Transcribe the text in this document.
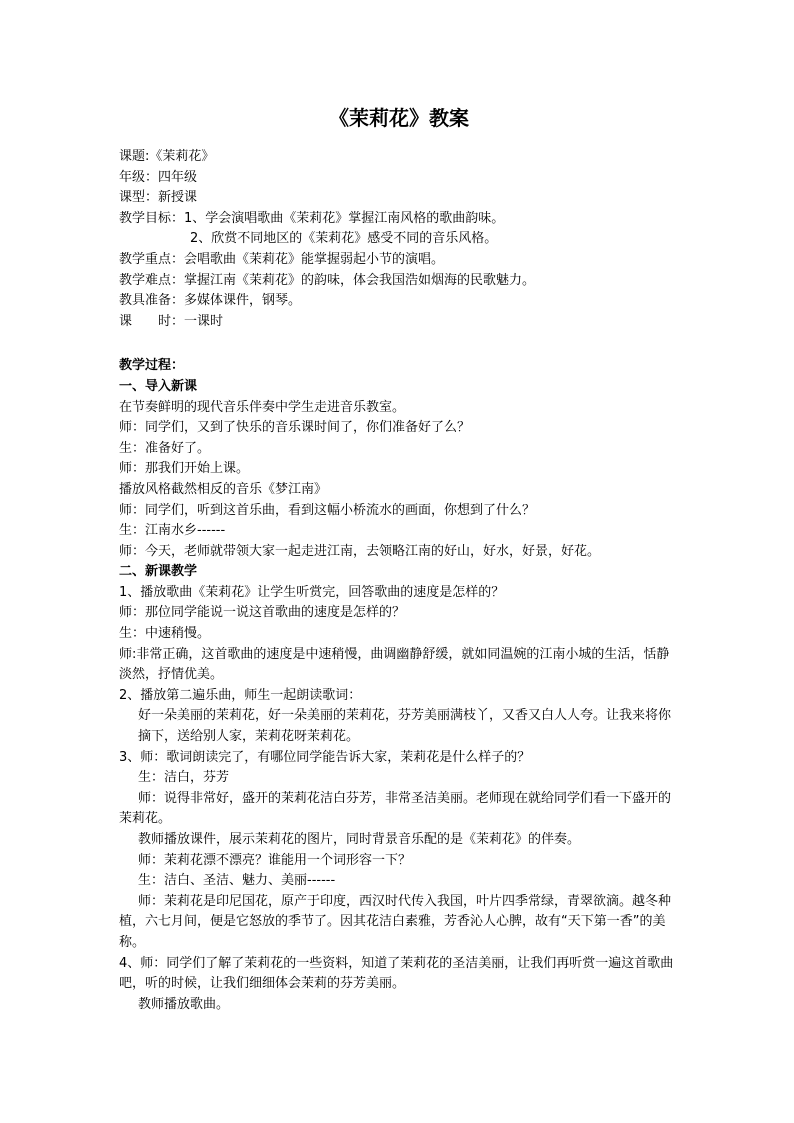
《茉莉花》教案
课题:《茉莉花》
年级：四年级
课型：新授课
教学目标：1、学会演唱歌曲《茉莉花》掌握江南风格的歌曲韵味。
2、欣赏不同地区的《茉莉花》感受不同的音乐风格。
教学重点：会唱歌曲《茉莉花》能掌握弱起小节的演唱。
教学难点：掌握江南《茉莉花》的韵味，体会我国浩如烟海的民歌魅力。
教具准备：多媒体课件，钢琴。
课　　时：一课时
教学过程：
一、导入新课
在节奏鲜明的现代音乐伴奏中学生走进音乐教室。
师：同学们，又到了快乐的音乐课时间了，你们准备好了么？
生：准备好了。
师：那我们开始上课。
播放风格截然相反的音乐《梦江南》
师：同学们，听到这首乐曲，看到这幅小桥流水的画面，你想到了什么？
生：江南水乡------
师：今天，老师就带领大家一起走进江南，去领略江南的好山，好水，好景，好花。
二、新课教学
1、播放歌曲《茉莉花》让学生听赏完，回答歌曲的速度是怎样的？
师：那位同学能说一说这首歌曲的速度是怎样的？
生：中速稍慢。
师:非常正确，这首歌曲的速度是中速稍慢，曲调幽静舒缓，就如同温婉的江南小城的生活，恬静淡然，抒情优美。
2、播放第二遍乐曲，师生一起朗读歌词：
好一朵美丽的茉莉花，好一朵美丽的茉莉花，芬芳美丽满枝丫，又香又白人人夸。让我来将你摘下，送给别人家，茉莉花呀茉莉花。
3、师：歌词朗读完了，有哪位同学能告诉大家，茉莉花是什么样子的？
生：洁白，芬芳
师：说得非常好，盛开的茉莉花洁白芬芳，非常圣洁美丽。老师现在就给同学们看一下盛开的茉莉花。
教师播放课件，展示茉莉花的图片，同时背景音乐配的是《茉莉花》的伴奏。
师：茉莉花漂不漂亮？谁能用一个词形容一下？
生：洁白、圣洁、魅力、美丽------
师：茉莉花是印尼国花，原产于印度，西汉时代传入我国，叶片四季常绿，青翠欲滴。越冬种植，六七月间，便是它怒放的季节了。因其花洁白素雅，芳香沁人心脾，故有“天下第一香”的美称。
4、师：同学们了解了茉莉花的一些资料，知道了茉莉花的圣洁美丽，让我们再听赏一遍这首歌曲吧，听的时候，让我们细细体会茉莉的芬芳美丽。
教师播放歌曲。
